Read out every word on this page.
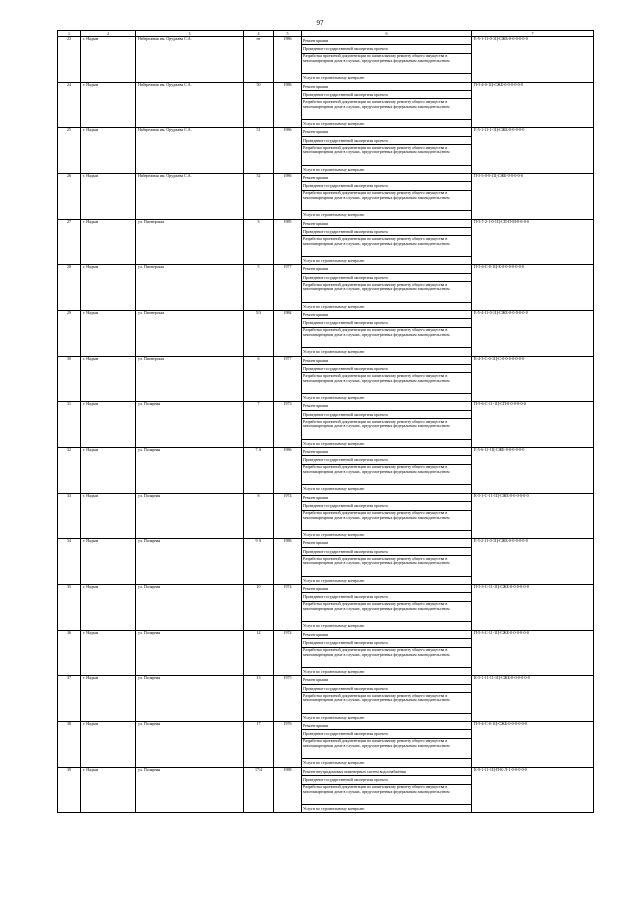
97
1	2	3	4	5	6	7
23	г. Надым	Набережная им. Оруджева С.А.	нт	1986	Ремонт крыши
Проведение государственной экспертизы проекта
Разработка проектной документации по капитальному ремонту общего имущества в многоквартирном доме в случаях, предусмотренных федеральным законодательством
Услуги по строительному контролю	Е-5-1-11-0-1Ц-СЖБ-0-0-0-0-0-0
24	г. Надым	Набережная им. Оруджева С.А.	50	1986	Ремонт крыши
Проведение государственной экспертизы проекта
Разработка проектной документации по капитальному ремонту общего имущества в многоквартирном доме в случаях, предусмотренных федеральным законодательством
Услуги по строительному контролю	П-5-4-0-1Ц-СЖБ-0-0-0-0-0-0
25	г. Надым	Набережная им. Оруджева С.А.	51	1986	Ремонт крыши
Проведение государственной экспертизы проекта
Разработка проектной документации по капитальному ремонту общего имущества в многоквартирном доме в случаях, предусмотренных федеральным законодательством
Услуги по строительному контролю	Е-5-1-11-1-1Ц-СЖБ-0-0-0-0-0
26	г. Надым	Набережная им. Оруджева С.А.	52	1986	Ремонт крыши
Проведение государственной экспертизы проекта
Разработка проектной документации по капитальному ремонту общего имущества в многоквартирном доме в случаях, предусмотренных федеральным законодательством
Услуги по строительному контролю	П-5-5-0-0-1Ц-СЖБ-0-0-0-0-0
27	г. Надым	ул. Пионерская	3	1985	Ремонт крыши
Проведение государственной экспертизы проекта
Разработка проектной документации по капитальному ремонту общего имущества в многоквартирном доме в случаях, предусмотренных федеральным законодательством
Услуги по строительному контролю	П-5-7-2-1-0-1Ц-СП-П-М-0-0-0-0
28	г. Надым	ул. Пионерская	5	1977	Ремонт крыши
Проведение государственной экспертизы проекта
Разработка проектной документации по капитальному ремонту общего имущества в многоквартирном доме в случаях, предусмотренных федеральным законодательством
Услуги по строительному контролю	П-5-6-С-0-1Ц-Б-0-0-0-0-0-0-0
29	г. Надым	ул. Пионерская	5/3	1984	Ремонт крыши
Проведение государственной экспертизы проекта
Разработка проектной документации по капитальному ремонту общего имущества в многоквартирном доме в случаях, предусмотренных федеральным законодательством
Услуги по строительному контролю	Е-5-4-11-0-1Ц-СЖБ-0-0-0-0-0-0
30	г. Надым	ул. Пионерская	6	1977	Ремонт крыши
Проведение государственной экспертизы проекта
Разработка проектной документации по капитальному ремонту общего имущества в многоквартирном доме в случаях, предусмотренных федеральным законодательством
Услуги по строительному контролю	К-4-3-С-0-1Ц-С-0-0-0-0-0-0-0
31	г. Надым	ул. Полярная	7	1973	Ремонт крыши
Проведение государственной экспертизы проекта
Разработка проектной документации по капитальному ремонту общего имущества в многоквартирном доме в случаях, предусмотренных федеральным законодательством
Услуги по строительному контролю	П-5-6-С-11-1Ц-СП-0-0-0-0-0-0
32	г. Надым	ул. Полярная	7 А	1986	Ремонт крыши
Проведение государственной экспертизы проекта
Разработка проектной документации по капитальному ремонту общего имущества в многоквартирном доме в случаях, предусмотренных федеральным законодательством
Услуги по строительному контролю	Е-5-6-11-1Ц-СЖБ-0-0-0-0-0-0
33	г. Надым	ул. Полярная	8	1974	Ремонт крыши
Проведение государственной экспертизы проекта
Разработка проектной документации по капитальному ремонту общего имущества в многоквартирном доме в случаях, предусмотренных федеральным законодательством
Услуги по строительному контролю	К-5-1-С-11-1Ц-СЖБ-0-0-0-0-0-0
34	г. Надым	ул. Полярная	9 А	1986	Ремонт крыши
Проведение государственной экспертизы проекта
Разработка проектной документации по капитальному ремонту общего имущества в многоквартирном доме в случаях, предусмотренных федеральным законодательством
Услуги по строительному контролю	Е-5-2-11-0-1Ц-СЖБ-0-0-0-0-0-0
35	г. Надым	ул. Полярная	10	1974	Ремонт крыши
Проведение государственной экспертизы проекта
Разработка проектной документации по капитальному ремонту общего имущества в многоквартирном доме в случаях, предусмотренных федеральным законодательством
Услуги по строительному контролю	П-5-3-С-11-1Ц-СЖБ-0-0-0-0-0-0
36	г. Надым	ул. Полярная	12	1974	Ремонт крыши
Проведение государственной экспертизы проекта
Разработка проектной документации по капитальному ремонту общего имущества в многоквартирном доме в случаях, предусмотренных федеральным законодательством
Услуги по строительному контролю	П-5-3-С-11-1Ц-СЖБ-0-0-0-0-0-0
37	г. Надым	ул. Полярная	13	1975	Ремонт крыши
Проведение государственной экспертизы проекта
Разработка проектной документации по капитальному ремонту общего имущества в многоквартирном доме в случаях, предусмотренных федеральным законодательством
Услуги по строительному контролю	К-5-1-11-11-1Ц-СЖБ-0-0-0-0-0-0
38	г. Надым	ул. Полярная	17	1976	Ремонт крыши
Проведение государственной экспертизы проекта
Разработка проектной документации по капитальному ремонту общего имущества в многоквартирном доме в случаях, предусмотренных федеральным законодательством
Услуги по строительному контролю	П-5-4-С-0-1Ц-СЖБ-0-0-0-0-0-0
39	г. Надым	ул. Полярная	17/4	1988	Ремонт внутридомовых инженерных систем водоснабжения
Проведение государственной экспертизы проекта
Разработка проектной документации по капитальному ремонту общего имущества в многоквартирном доме в случаях, предусмотренных федеральным законодательством
Услуги по строительному контролю	К-9-1-11-1Ц-П-К-Л-1-0-0-0-0-0
